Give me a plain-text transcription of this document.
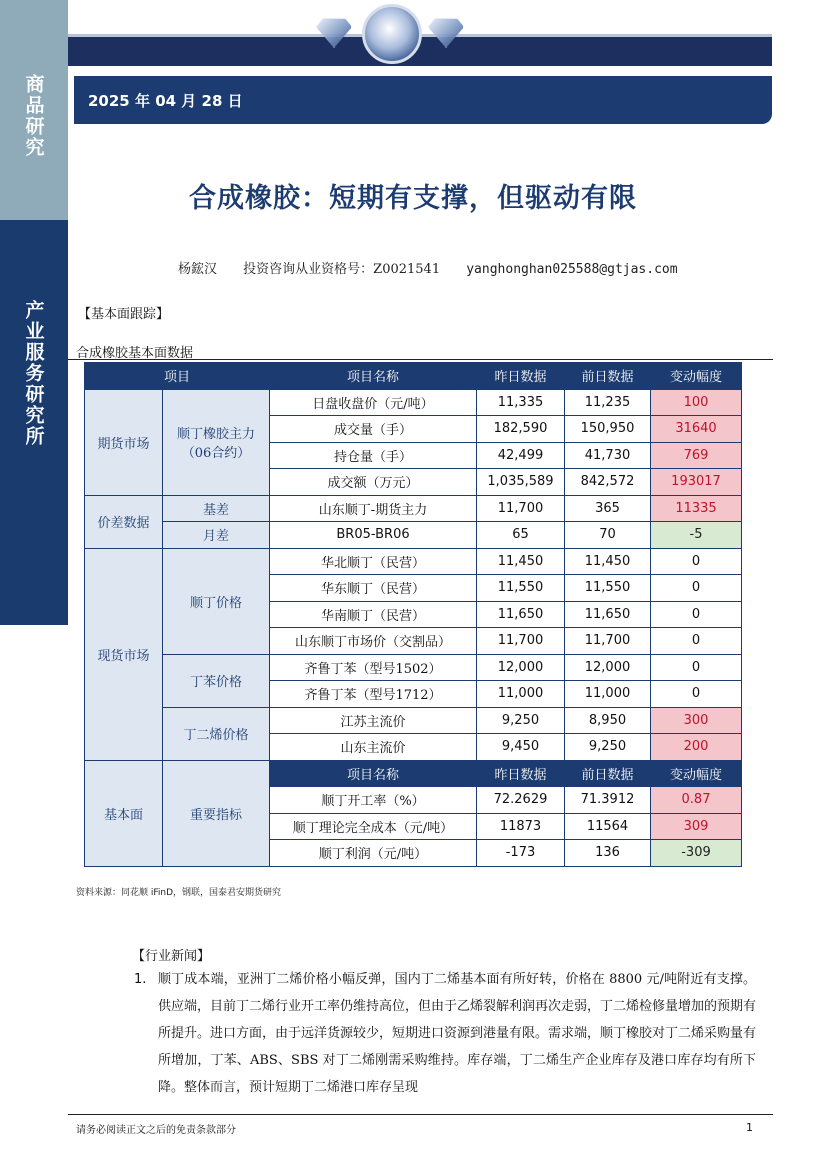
商品研究
产业服务研究所
2025 年 04 月 28 日
合成橡胶：短期有支撑，但驱动有限
杨鋐汉 投资咨询从业资格号：Z0021541 yanghonghan025588@gtjas.com
【基本面跟踪】
合成橡胶基本面数据
项目		项目名称	昨日数据	前日数据	变动幅度
期货市场	顺丁橡胶主力（06合约）	日盘收盘价（元/吨）	11,335	11,235	100
		成交量（手）	182,590	150,950	31640
		持仓量（手）	42,499	41,730	769
		成交额（万元）	1,035,589	842,572	193017
价差数据	基差	山东顺丁-期货主力	11,700	365	11335
	月差	BR05-BR06	65	70	-5
现货市场	顺丁价格	华北顺丁（民营）	11,450	11,450	0
		华东顺丁（民营）	11,550	11,550	0
		华南顺丁（民营）	11,650	11,650	0
		山东顺丁市场价（交割品）	11,700	11,700	0
	丁苯价格	齐鲁丁苯（型号1502）	12,000	12,000	0
		齐鲁丁苯（型号1712）	11,000	11,000	0
	丁二烯价格	江苏主流价	9,250	8,950	300
		山东主流价	9,450	9,250	200
基本面	重要指标	项目名称	昨日数据	前日数据	变动幅度
		顺丁开工率（%）	72.2629	71.3912	0.87
		顺丁理论完全成本（元/吨）	11873	11564	309
		顺丁利润（元/吨）	-173	136	-309
资料来源：同花顺 iFinD，钢联，国泰君安期货研究
【行业新闻】
1. 顺丁成本端，亚洲丁二烯价格小幅反弹，国内丁二烯基本面有所好转，价格在 8800 元/吨附近有支撑。供应端，目前丁二烯行业开工率仍维持高位，但由于乙烯裂解利润再次走弱，丁二烯检修量增加的预期有所提升。进口方面，由于远洋货源较少，短期进口资源到港量有限。需求端，顺丁橡胶对丁二烯采购量有所增加，丁苯、ABS、SBS 对丁二烯刚需采购维持。库存端，丁二烯生产企业库存及港口库存均有所下降。整体而言，预计短期丁二烯港口库存呈现
请务必阅读正文之后的免责条款部分	1
